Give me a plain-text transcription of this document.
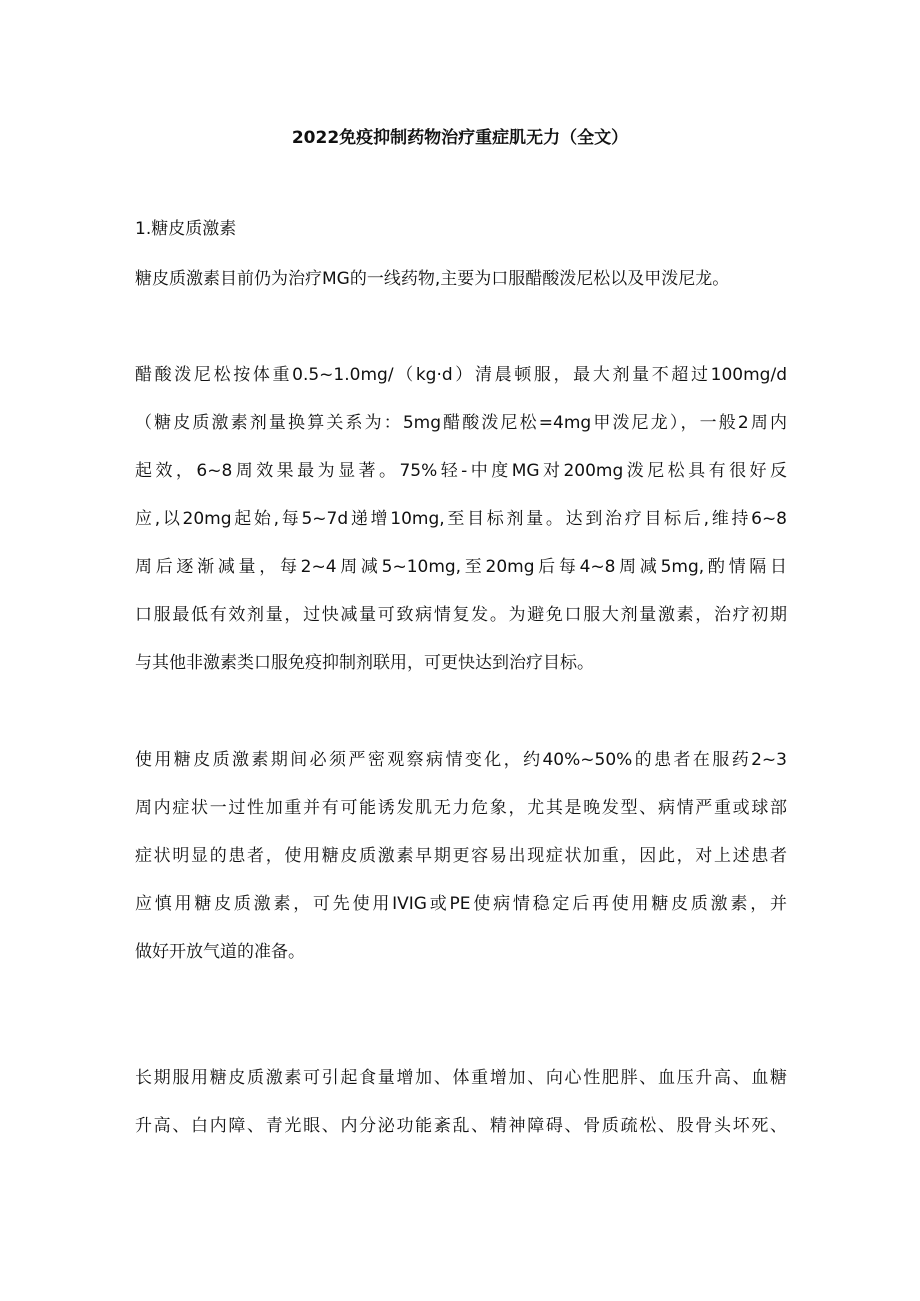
2022免疫抑制药物治疗重症肌无力（全文）
1.糖皮质激素
糖皮质激素目前仍为治疗MG的一线药物,主要为口服醋酸泼尼松以及甲泼尼龙。
醋酸泼尼松按体重0.5~1.0mg/（kg·d）清晨顿服，最大剂量不超过100mg/d
（糖皮质激素剂量换算关系为：5mg醋酸泼尼松=4mg甲泼尼龙），一般2周内
起效，6~8周效果最为显著。75%轻-中度MG对200mg泼尼松具有很好反
应,以20mg起始,每5~7d递增10mg,至目标剂量。达到治疗目标后,维持6~8
周后逐渐减量，每2~4周减5~10mg,至20mg后每4~8周减5mg,酌情隔日
口服最低有效剂量，过快减量可致病情复发。为避免口服大剂量激素，治疗初期
与其他非激素类口服免疫抑制剂联用，可更快达到治疗目标。
使用糖皮质激素期间必须严密观察病情变化，约40%~50%的患者在服药2~3
周内症状一过性加重并有可能诱发肌无力危象，尤其是晚发型、病情严重或球部
症状明显的患者，使用糖皮质激素早期更容易出现症状加重，因此，对上述患者
应慎用糖皮质激素，可先使用IVIG或PE使病情稳定后再使用糖皮质激素，并
做好开放气道的准备。
长期服用糖皮质激素可引起食量增加、体重增加、向心性肥胖、血压升高、血糖
升高、白内障、青光眼、内分泌功能紊乱、精神障碍、骨质疏松、股骨头坏死、
